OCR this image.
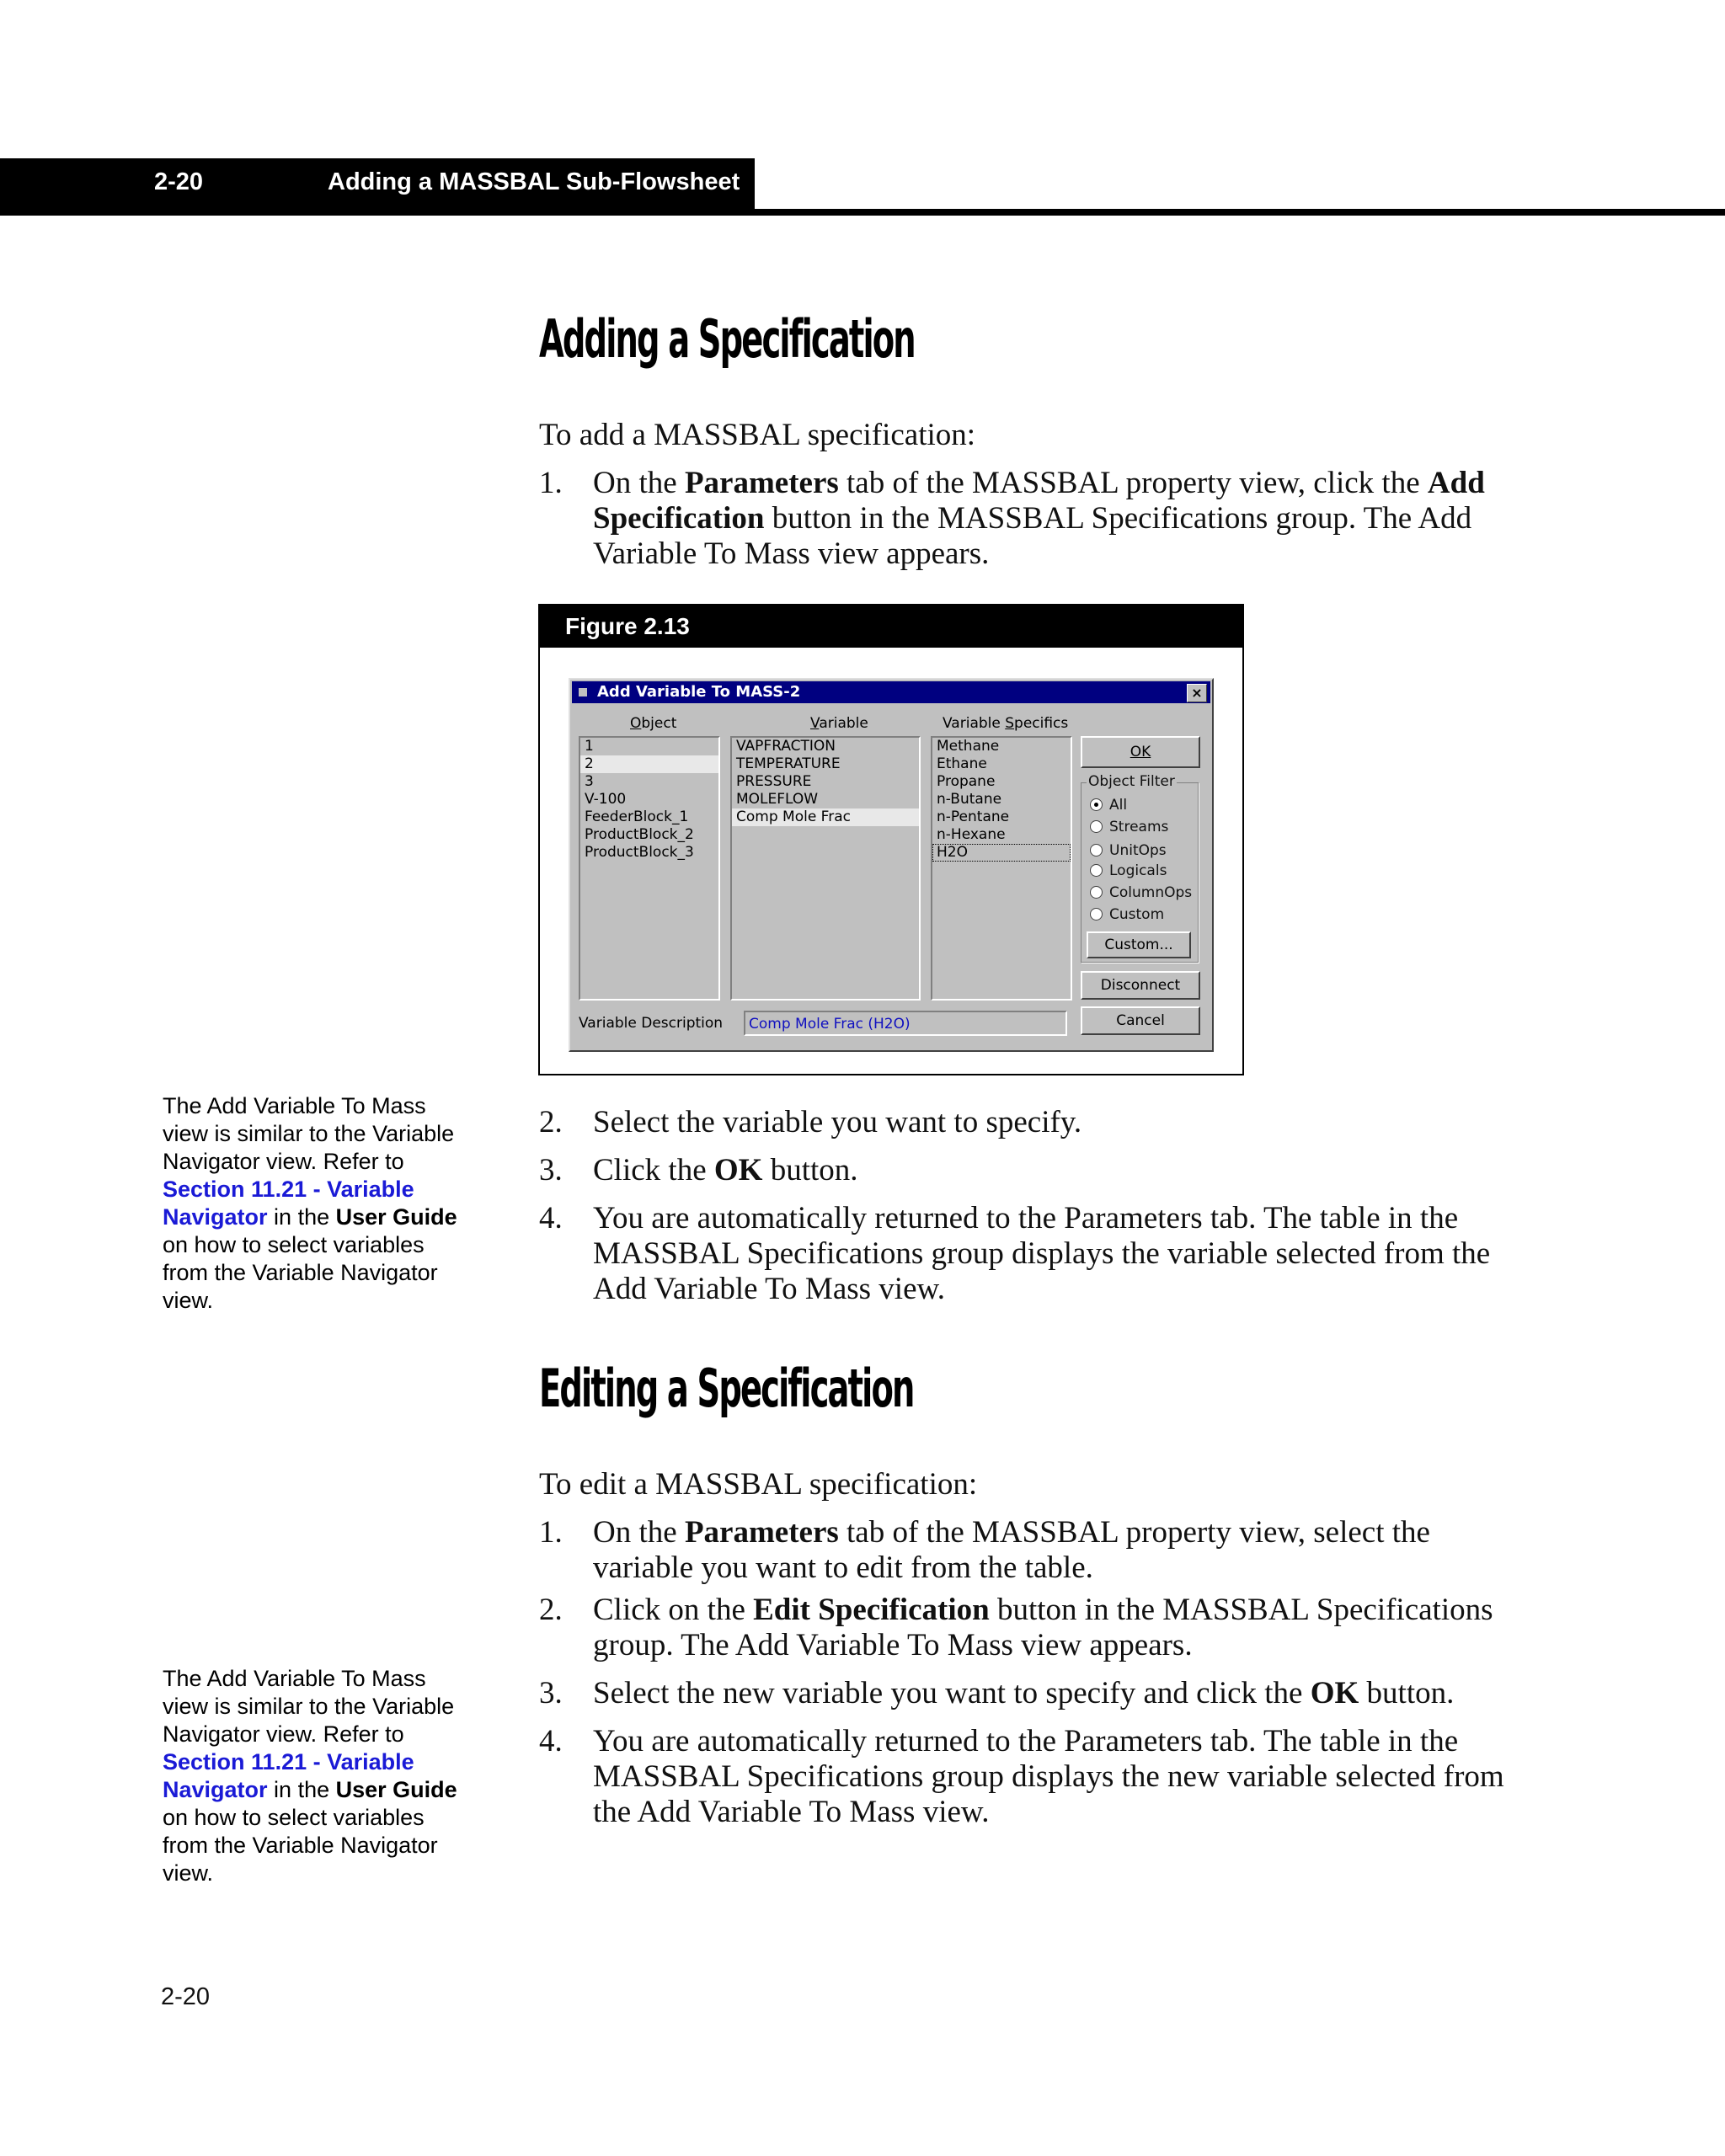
2-20	Adding a MASSBAL Sub-Flowsheet
Adding a Specification
To add a MASSBAL specification:
1. On the Parameters tab of the MASSBAL property view, click the Add Specification button in the MASSBAL Specifications group. The Add Variable To Mass view appears.
Figure 2.13
Add Variable To MASS-2	×
Object	Variable	Variable Specifics
1
2
3
V-100
FeederBlock_1
ProductBlock_2
ProductBlock_3
VAPFRACTION
TEMPERATURE
PRESSURE
MOLEFLOW
Comp Mole Frac
Methane
Ethane
Propane
n-Butane
n-Pentane
n-Hexane
H2O
OK
Object Filter
All
Streams
UnitOps
Logicals
ColumnOps
Custom
Custom...
Disconnect
Cancel
Variable Description	Comp Mole Frac (H2O)
2. Select the variable you want to specify.
3. Click the OK button.
4. You are automatically returned to the Parameters tab. The table in the MASSBAL Specifications group displays the variable selected from the Add Variable To Mass view.
Editing a Specification
To edit a MASSBAL specification:
1. On the Parameters tab of the MASSBAL property view, select the variable you want to edit from the table.
2. Click on the Edit Specification button in the MASSBAL Specifications group. The Add Variable To Mass view appears.
3. Select the new variable you want to specify and click the OK button.
4. You are automatically returned to the Parameters tab. The table in the MASSBAL Specifications group displays the new variable selected from the Add Variable To Mass view.
The Add Variable To Mass view is similar to the Variable Navigator view. Refer to Section 11.21 - Variable Navigator in the User Guide on how to select variables from the Variable Navigator view.
The Add Variable To Mass view is similar to the Variable Navigator view. Refer to Section 11.21 - Variable Navigator in the User Guide on how to select variables from the Variable Navigator view.
2-20
